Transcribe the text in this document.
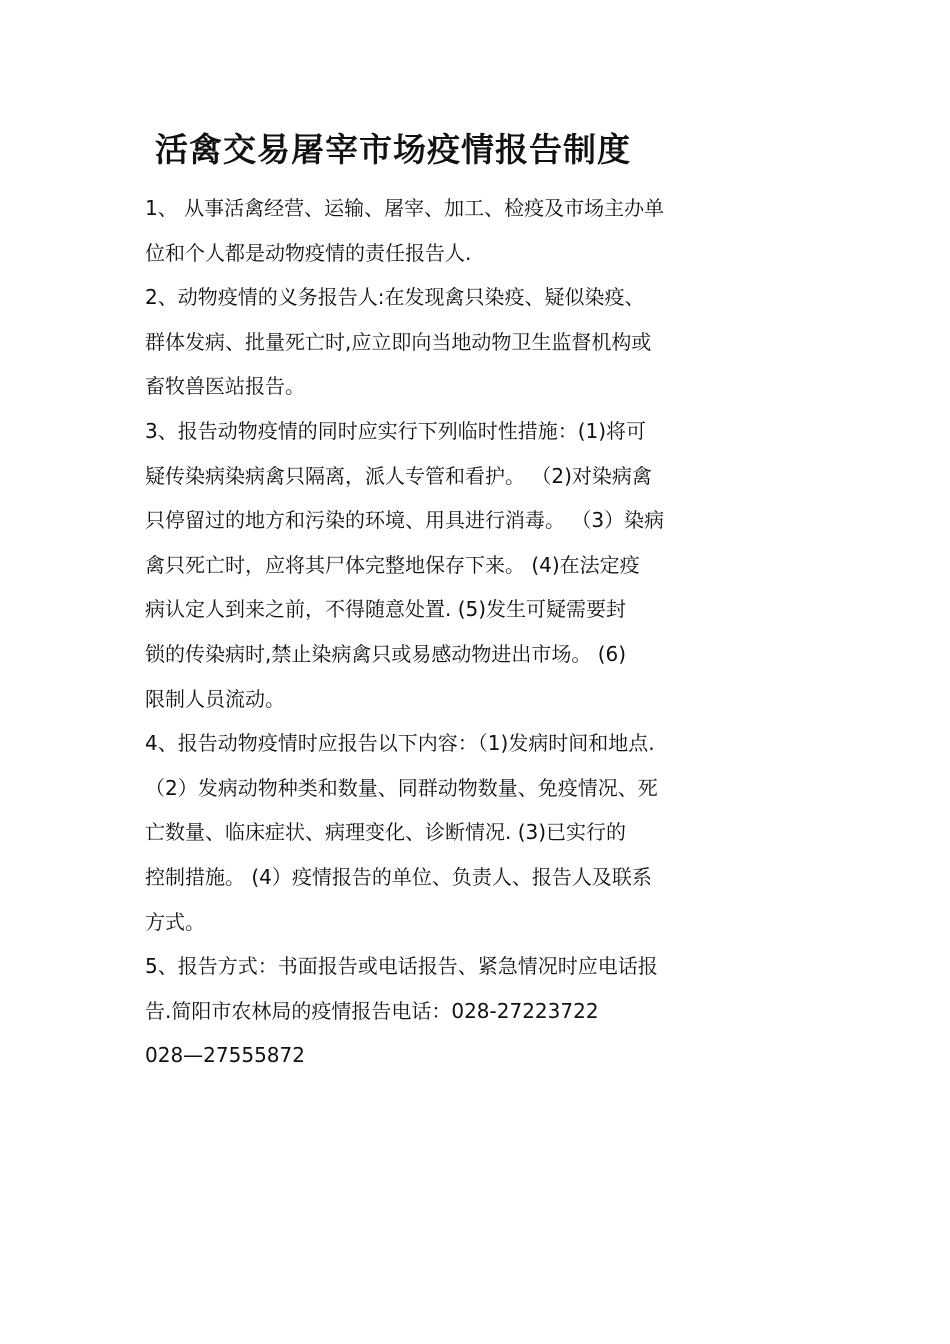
活禽交易屠宰市场疫情报告制度
1、 从事活禽经营、运输、屠宰、加工、检疫及市场主办单
位和个人都是动物疫情的责任报告人.
2、动物疫情的义务报告人:在发现禽只染疫、疑似染疫、
群体发病、批量死亡时,应立即向当地动物卫生监督机构或
畜牧兽医站报告。
3、报告动物疫情的同时应实行下列临时性措施：(1)将可
疑传染病染病禽只隔离，派人专管和看护。 （2)对染病禽
只停留过的地方和污染的环境、用具进行消毒。 （3）染病
禽只死亡时，应将其尸体完整地保存下来。 (4)在法定疫
病认定人到来之前，不得随意处置. (5)发生可疑需要封
锁的传染病时,禁止染病禽只或易感动物进出市场。 (6)
限制人员流动。
4、报告动物疫情时应报告以下内容：（1)发病时间和地点.
（2）发病动物种类和数量、同群动物数量、免疫情况、死
亡数量、临床症状、病理变化、诊断情况. (3)已实行的
控制措施。 (4）疫情报告的单位、负责人、报告人及联系
方式。
5、报告方式：书面报告或电话报告、紧急情况时应电话报
告.简阳市农林局的疫情报告电话：028-27223722
028—27555872
